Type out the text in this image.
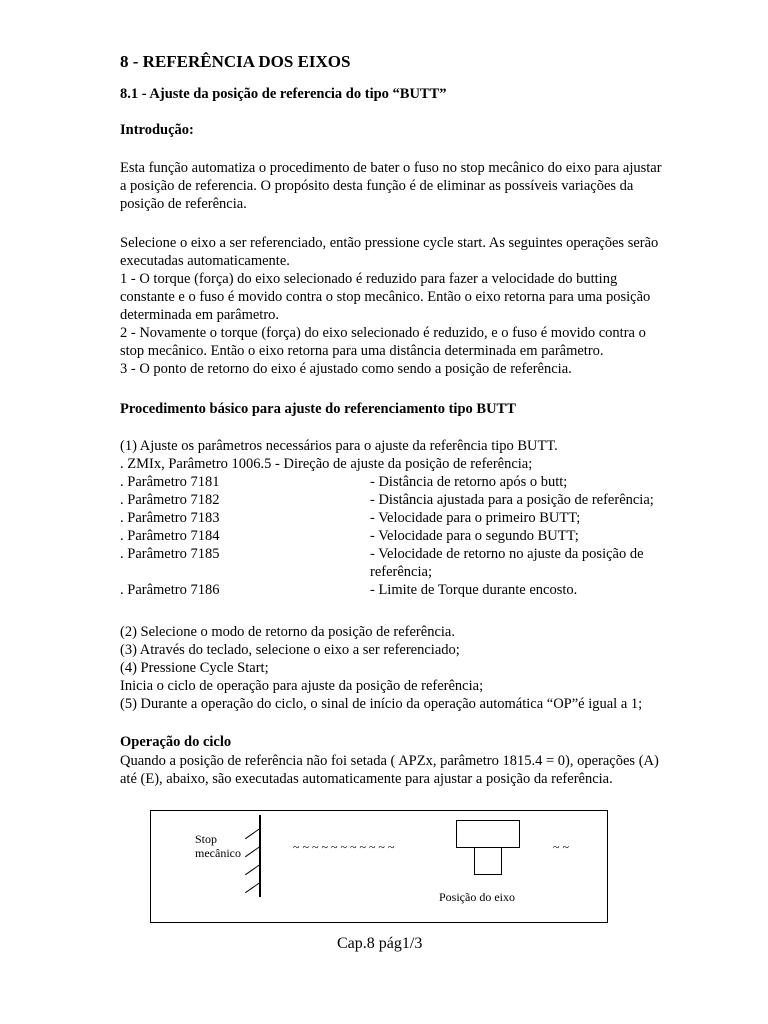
8 - REFERÊNCIA DOS EIXOS
8.1 - Ajuste da posição de referencia do tipo “BUTT”
Introdução:
Esta função automatiza o procedimento de bater o fuso no stop mecânico do eixo para ajustar
a posição de referencia. O propósito desta função é de eliminar as possíveis variações da
posição de referência.
Selecione o eixo a ser referenciado, então pressione cycle start. As seguintes operações serão
executadas automaticamente.
1 - O torque (força) do eixo selecionado é reduzido para fazer a velocidade do butting
constante e o fuso é movido contra o stop mecânico. Então o eixo retorna para uma posição
determinada em parâmetro.
2 - Novamente o torque (força) do eixo selecionado é reduzido, e o fuso é movido contra o
stop mecânico. Então o eixo retorna para uma distância determinada em parâmetro.
3 - O ponto de retorno do eixo é ajustado como sendo a posição de referência.
Procedimento básico para ajuste do referenciamento tipo BUTT
(1) Ajuste os parâmetros necessários para o ajuste da referência tipo BUTT.
. ZMIx, Parâmetro 1006.5 - Direção de ajuste da posição de referência;
. Parâmetro 7181	- Distância de retorno após o butt;
. Parâmetro 7182	- Distância ajustada para a posição de referência;
. Parâmetro 7183	- Velocidade para o primeiro BUTT;
. Parâmetro 7184	- Velocidade para o segundo BUTT;
. Parâmetro 7185	- Velocidade de retorno no ajuste da posição de
referência;
. Parâmetro 7186	- Limite de Torque durante encosto.
(2) Selecione o modo de retorno da posição de referência.
(3) Através do teclado, selecione o eixo a ser referenciado;
(4) Pressione Cycle Start;
Inicia o ciclo de operação para ajuste da posição de referência;
(5) Durante a operação do ciclo, o sinal de início da operação automática “OP”é igual a 1;
Operação do ciclo
Quando a posição de referência não foi setada ( APZx, parâmetro 1815.4 = 0), operações (A)
até (E), abaixo, são executadas automaticamente para ajustar a posição da referência.
Stop
mecânico	~ ~ ~ ~ ~ ~ ~ ~ ~ ~ ~	~ ~
Posição do eixo
Cap.8 pág1/3
